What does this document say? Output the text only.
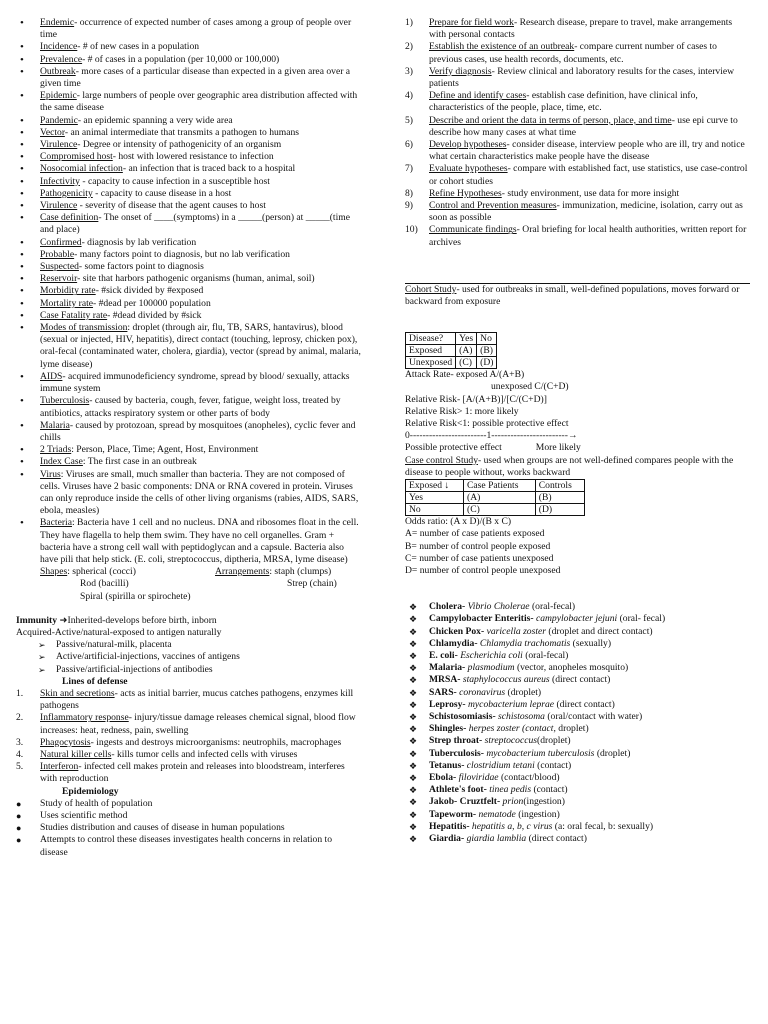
• Endemic- occurrence of expected number of cases among a group of people over time
• Incidence- # of new cases in a population
• Prevalence- # of cases in a population (per 10,000 or 100,000)
• Outbreak- more cases of a particular disease than expected in a given area over a given time
• Epidemic- large numbers of people over geographic area distribution affected with the same disease
• Pandemic- an epidemic spanning a very wide area
• Vector- an animal intermediate that transmits a pathogen to humans
• Virulence- Degree or intensity of pathogenicity of an organism
• Compromised host- host with lowered resistance to infection
• Nosocomial infection- an infection that is traced back to a hospital
• Infectivity - capacity to cause infection in a susceptible host
• Pathogenicity - capacity to cause disease in a host
• Virulence - severity of disease that the agent causes to host
• Case definition- The onset of ____(symptoms) in a _____(person) at _____(time and place)
• Confirmed- diagnosis by lab verification
• Probable- many factors point to diagnosis, but no lab verification
• Suspected- some factors point to diagnosis
• Reservoir- site that harbors pathogenic organisms (human, animal, soil)
• Morbidity rate- #sick divided by #exposed
• Mortality rate- #dead per 100000 population
• Case Fatality rate- #dead divided by #sick
• Modes of transmission: droplet (through air, flu, TB, SARS, hantavirus), blood (sexual or injected, HIV, hepatitis), direct contact (touching, leprosy, chicken pox), oral-fecal (contaminated water, cholera, giardia), vector (spread by animal, malaria, lyme disease)
• AIDS- acquired immunodeficiency syndrome, spread by blood/ sexually, attacks immune system
• Tuberculosis- caused by bacteria, cough, fever, fatigue, weight loss, treated by antibiotics, attacks respiratory system or other parts of body
• Malaria- caused by protozoan, spread by mosquitoes (anopheles), cyclic fever and chills
• 2 Triads: Person, Place, Time; Agent, Host, Environment
• Index Case: The first case in an outbreak
• Virus: Viruses are small, much smaller than bacteria. They are not composed of cells. Viruses have 2 basic components: DNA or RNA covered in protein. Viruses can only reproduce inside the cells of other living organisms (rabies, AIDS, SARS, ebola, measles)
• Bacteria: Bacteria have 1 cell and no nucleus. DNA and ribosomes float in the cell. They have flagella to help them swim. They have no cell organelles. Gram + bacteria have a strong cell wall with peptidoglycan and a capsule. Bacteria also have pili that help stick. (E. coli, streptococcus, diptheria, MRSA, lyme disease)
Shapes: spherical (cocci)	Arrangements: staph (clumps)
Rod (bacilli)	Strep (chain)
Spiral (spirilla or spirochete)
Immunity ➜Inherited-develops before birth, inborn
Acquired-Active/natural-exposed to antigen naturally
➢ Passive/natural-milk, placenta
➢ Active/artificial-injections, vaccines of antigens
➢ Passive/artificial-injections of antibodies
Lines of defense
1. Skin and secretions- acts as initial barrier, mucus catches pathogens, enzymes kill pathogens
2. Inflammatory response- injury/tissue damage releases chemical signal, blood flow increases: heat, redness, pain, swelling
3. Phagocytosis- ingests and destroys microorganisms: neutrophils, macrophages
4. Natural killer cells- kills tumor cells and infected cells with viruses
5. Interferon- infected cell makes protein and releases into bloodstream, interferes with reproduction
Epidemiology
● Study of health of population
● Uses scientific method
● Studies distribution and causes of disease in human populations
● Attempts to control these diseases investigates health concerns in relation to disease
1) Prepare for field work- Research disease, prepare to travel, make arrangements with personal contacts
2) Establish the existence of an outbreak- compare current number of cases to previous cases, use health records, documents, etc.
3) Verify diagnosis- Review clinical and laboratory results for the cases, interview patients
4) Define and identify cases- establish case definition, have clinical info, characteristics of the people, place, time, etc.
5) Describe and orient the data in terms of person, place, and time- use epi curve to describe how many cases at what time
6) Develop hypotheses- consider disease, interview people who are ill, try and notice what certain characteristics make people have the disease
7) Evaluate hypotheses- compare with established fact, use statistics, use case-control or cohort studies
8) Refine Hypotheses- study environment, use data for more insight
9) Control and Prevention measures- immunization, medicine, isolation, carry out as soon as possible
10) Communicate findings- Oral briefing for local health authorities, written report for archives
Cohort Study- used for outbreaks in small, well-defined populations, moves forward or backward from exposure
Disease?	Yes	No
Exposed	(A)	(B)
Unexposed	(C)	(D)
Attack Rate- exposed A/(A+B)
unexposed C/(C+D)
Relative Risk- [A/(A+B)]/[C/(C+D)]
Relative Risk> 1: more likely
Relative Risk<1: possible protective effect
0------------------------1------------------------→
Possible protective effect	More likely
Case control Study- used when groups are not well-defined compares people with the disease to people without, works backward
Exposed ↓	Case Patients	Controls
Yes	(A)	(B)
No	(C)	(D)
Odds ratio: (A x D)/(B x C)
A= number of case patients exposed
B= number of control people exposed
C= number of case patients unexposed
D= number of control people unexposed
❖ Cholera- Vibrio Cholerae (oral-fecal)
❖ Campylobacter Enteritis- campylobacter jejuni (oral- fecal)
❖ Chicken Pox- varicella zoster (droplet and direct contact)
❖ Chlamydia- Chlamydia trachomatis (sexually)
❖ E. coli- Escherichia coli (oral-fecal)
❖ Malaria- plasmodium (vector, anopheles mosquito)
❖ MRSA- staphylococcus aureus (direct contact)
❖ SARS- coronavirus (droplet)
❖ Leprosy- mycobacterium leprae (direct contact)
❖ Schistosomiasis- schistosoma (oral/contact with water)
❖ Shingles- herpes zoster (contact, droplet)
❖ Strep throat- streptococcus(droplet)
❖ Tuberculosis- mycobacterium tuberculosis (droplet)
❖ Tetanus- clostridium tetani (contact)
❖ Ebola- filoviridae (contact/blood)
❖ Athlete's foot- tinea pedis (contact)
❖ Jakob- Cruztfelt- prion(ingestion)
❖ Tapeworm- nematode (ingestion)
❖ Hepatitis- hepatitis a, b, c virus (a: oral fecal, b: sexually)
❖ Giardia- giardia lamblia (direct contact)
